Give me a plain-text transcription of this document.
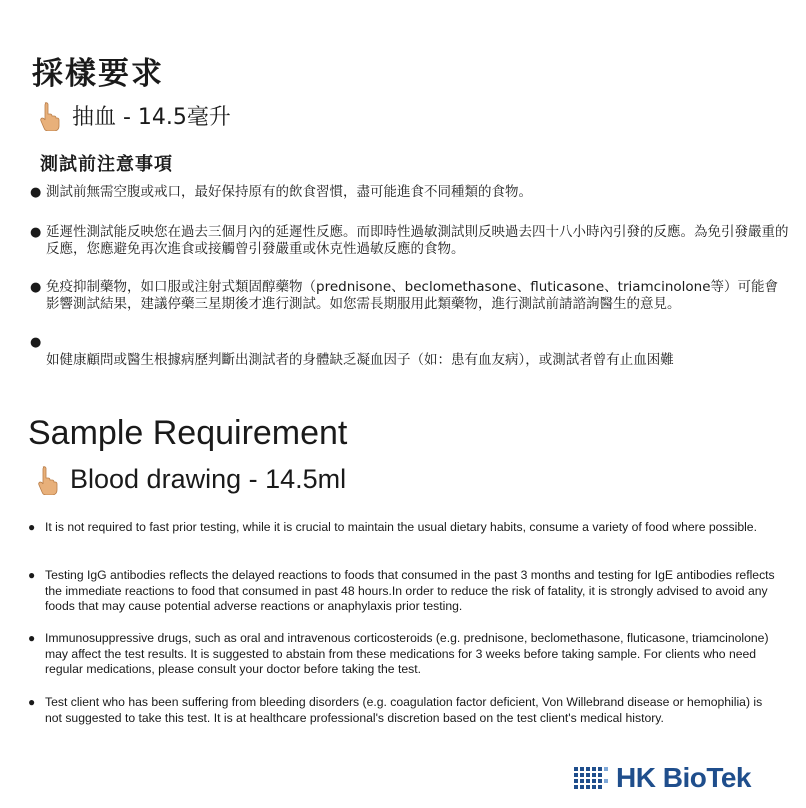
採樣要求
抽血 - 14.5毫升
測試前注意事項
● 測試前無需空腹或戒口，最好保持原有的飲食習慣，盡可能進食不同種類的食物。
● 延遲性測試能反映您在過去三個月內的延遲性反應。而即時性過敏測試則反映過去四十八小時內引發的反應。為免引發嚴重的反應，您應避免再次進食或接觸曾引發嚴重或休克性過敏反應的食物。
● 免疫抑制藥物，如口服或注射式類固醇藥物（prednisone、beclomethasone、fluticasone、triamcinolone等）可能會影響測試結果，建議停藥三星期後才進行測試。如您需長期服用此類藥物，進行測試前請諮詢醫生的意見。
●
如健康顧問或醫生根據病歷判斷出測試者的身體缺乏凝血因子（如：患有血友病），或測試者曾有止血困難
Sample Requirement
Blood drawing - 14.5ml
● It is not required to fast prior testing, while it is crucial to maintain the usual dietary habits, consume a variety of food where possible.
● Testing IgG antibodies reflects the delayed reactions to foods that consumed in the past 3 months and testing for IgE antibodies reflects the immediate reactions to food that consumed in past 48 hours.In order to reduce the risk of fatality, it is strongly advised to avoid any foods that may cause potential adverse reactions or anaphylaxis prior testing.
● Immunosuppressive drugs, such as oral and intravenous corticosteroids (e.g. prednisone, beclomethasone, fluticasone, triamcinolone) may affect the test results. It is suggested to abstain from these medications for 3 weeks before taking sample. For clients who need regular medications, please consult your doctor before taking the test.
● Test client who has been suffering from bleeding disorders (e.g. coagulation factor deficient, Von Willebrand disease or hemophilia) is not suggested to take this test. It is at healthcare professional's discretion based on the test client's medical history.
HK BioTek
